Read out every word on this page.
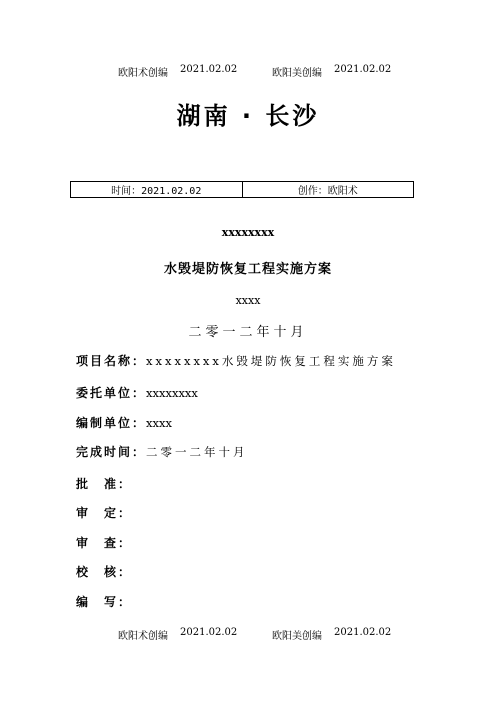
欧阳术创编 2021.02.02	欧阳美创编 2021.02.02
湖南 · 长沙
时间：2021.02.02	创作：欧阳术
xxxxxxxx
水毁堤防恢复工程实施方案
xxxx
二零一二年十月
项目名称：xxxxxxxx水毁堤防恢复工程实施方案
委托单位：xxxxxxxx
编制单位：xxxx
完成时间：二零一二年十月
批　准：
审　定：
审　查：
校　核：
编　写：
欧阳术创编 2021.02.02	欧阳美创编 2021.02.02
